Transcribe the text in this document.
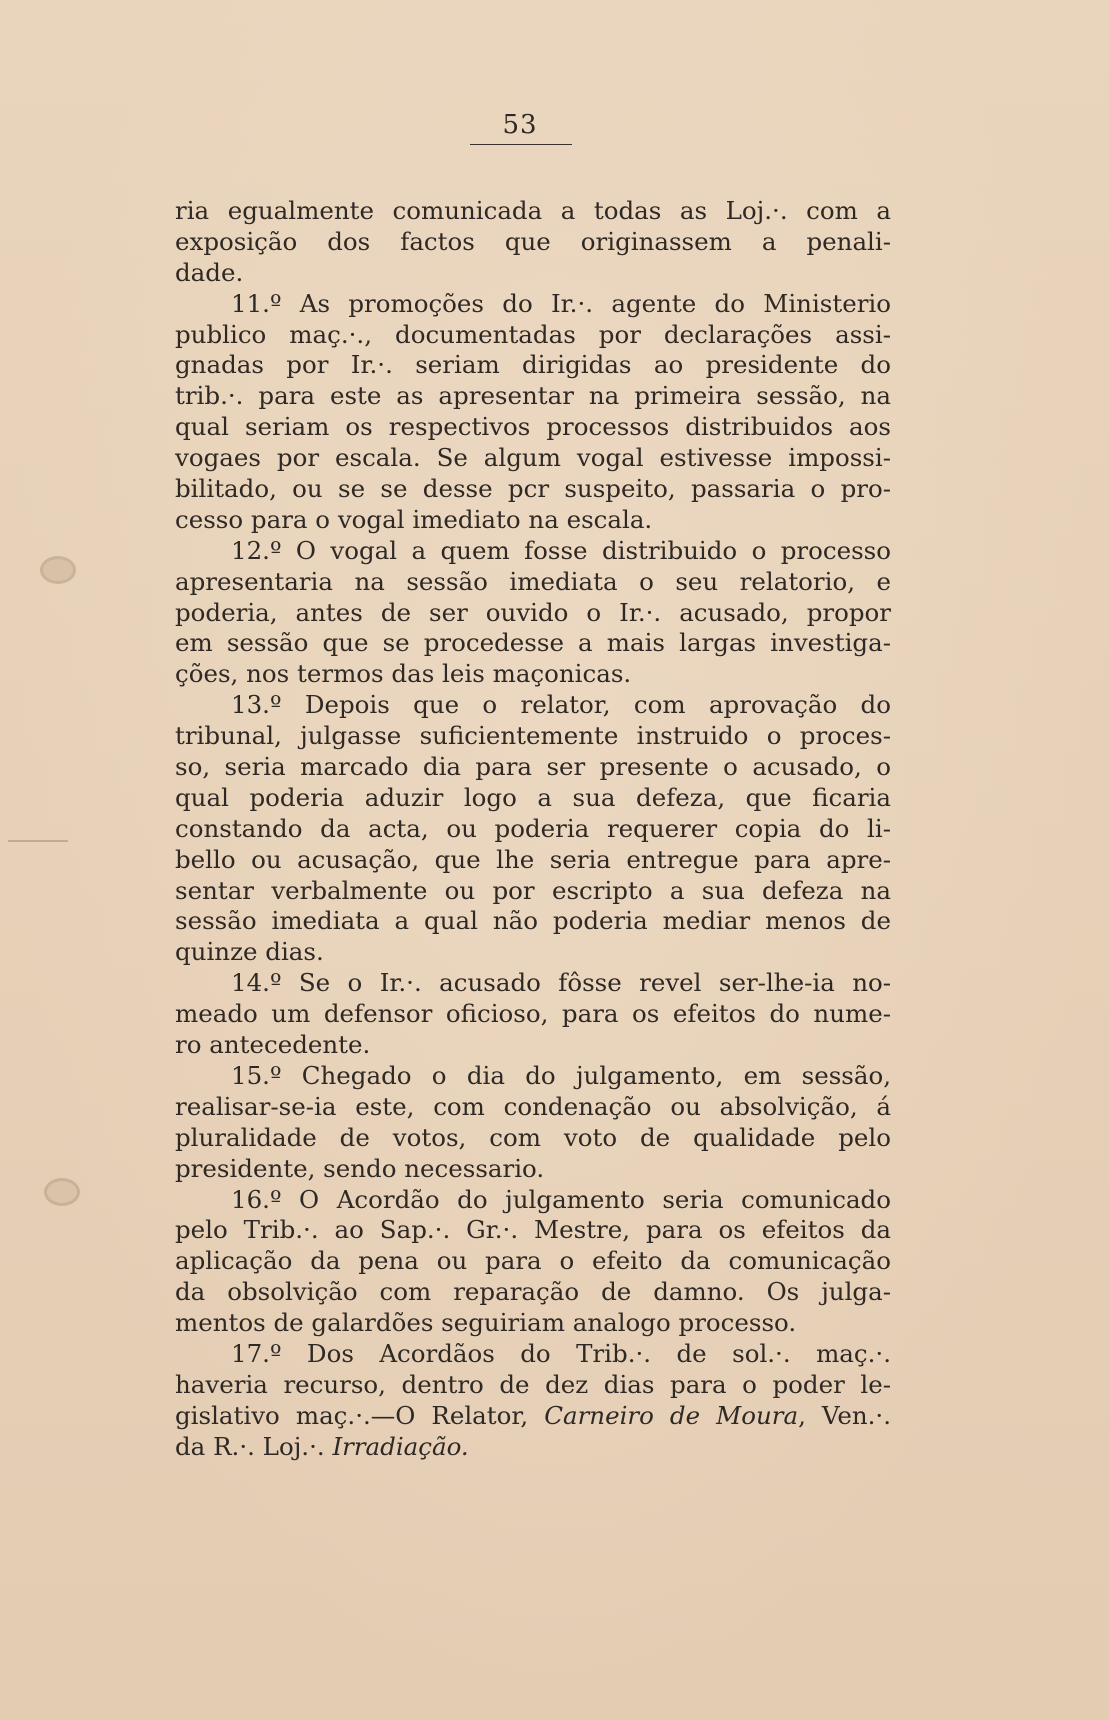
53
ria egualmente comunicada a todas as Loj.·. com a
exposição dos factos que originassem a penali-
dade.
11.º As promoções do Ir.·. agente do Ministerio
publico maç.·., documentadas por declarações assi-
gnadas por Ir.·. seriam dirigidas ao presidente do
trib.·. para este as apresentar na primeira sessão, na
qual seriam os respectivos processos distribuidos aos
vogaes por escala. Se algum vogal estivesse impossi-
bilitado, ou se se desse pcr suspeito, passaria o pro-
cesso para o vogal imediato na escala.
12.º O vogal a quem fosse distribuido o processo
apresentaria na sessão imediata o seu relatorio, e
poderia, antes de ser ouvido o Ir.·. acusado, propor
em sessão que se procedesse a mais largas investiga-
ções, nos termos das leis maçonicas.
13.º Depois que o relator, com aprovação do
tribunal, julgasse suficientemente instruido o proces-
so, seria marcado dia para ser presente o acusado, o
qual poderia aduzir logo a sua defeza, que ficaria
constando da acta, ou poderia requerer copia do li-
bello ou acusação, que lhe seria entregue para apre-
sentar verbalmente ou por escripto a sua defeza na
sessão imediata a qual não poderia mediar menos de
quinze dias.
14.º Se o Ir.·. acusado fôsse revel ser-lhe-ia no-
meado um defensor oficioso, para os efeitos do nume-
ro antecedente.
15.º Chegado o dia do julgamento, em sessão,
realisar-se-ia este, com condenação ou absolvição, á
pluralidade de votos, com voto de qualidade pelo
presidente, sendo necessario.
16.º O Acordão do julgamento seria comunicado
pelo Trib.·. ao Sap.·. Gr.·. Mestre, para os efeitos da
aplicação da pena ou para o efeito da comunicação
da obsolvição com reparação de damno. Os julga-
mentos de galardões seguiriam analogo processo.
17.º Dos Acordãos do Trib.·. de sol.·. maç.·.
haveria recurso, dentro de dez dias para o poder le-
gislativo maç.·.—O Relator, Carneiro de Moura, Ven.·.
da R.·. Loj.·. Irradiação.
